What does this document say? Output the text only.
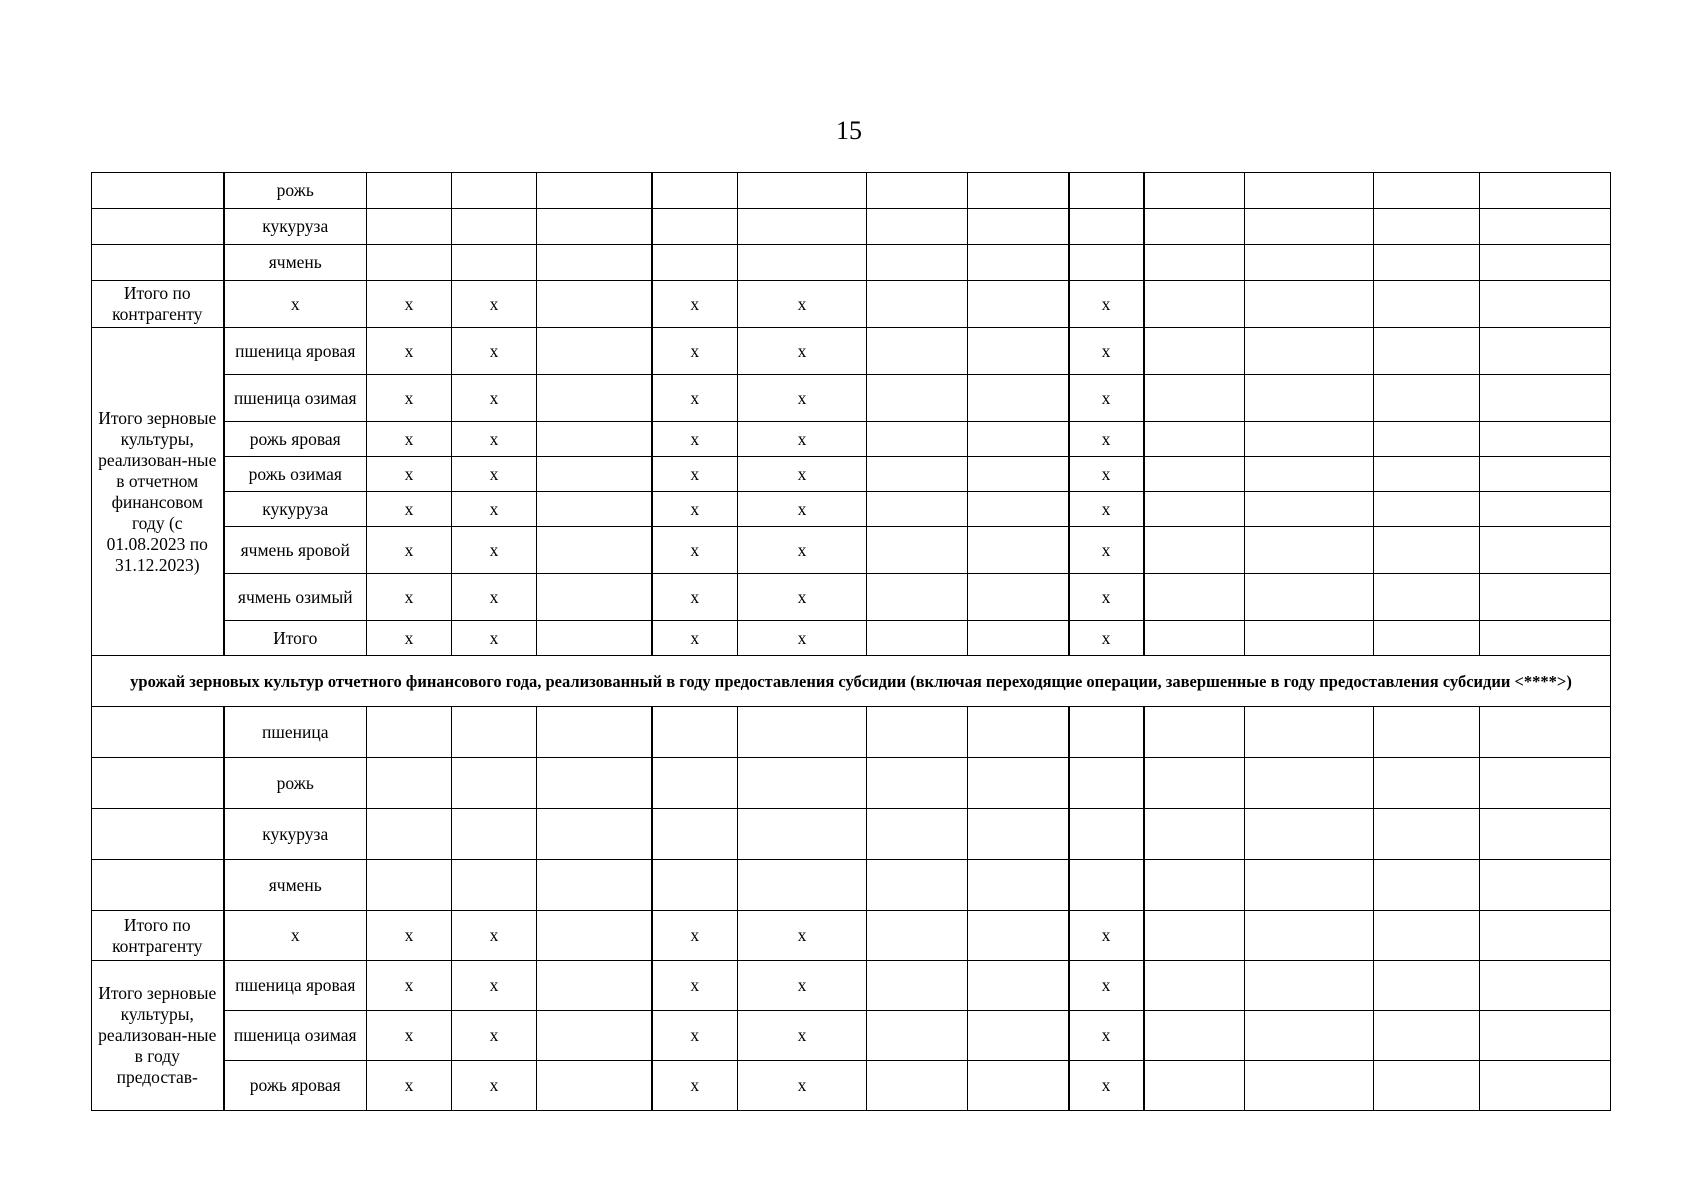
15
	рожь												
	кукуруза												
	ячмень												
Итого по контрагенту	х	х	х		х	х			х				
Итого зерновые культуры, реализован-ные в отчетном финансовом году (с 01.08.2023 по 31.12.2023)	пшеница яровая	х	х		х	х			х				
	пшеница озимая	х	х		х	х			х				
	рожь яровая	х	х		х	х			х				
	рожь озимая	х	х		х	х			х				
	кукуруза	х	х		х	х			х				
	ячмень яровой	х	х		х	х			х				
	ячмень озимый	х	х		х	х			х				
	Итого	х	х		х	х			х				
урожай зерновых культур отчетного финансового года, реализованный в году предоставления субсидии (включая переходящие операции, завершенные в году предоставления субсидии <****>)													
	пшеница												
	рожь												
	кукуруза												
	ячмень												
Итого по контрагенту	х	х	х		х	х			х				
Итого зерновые культуры, реализован-ные в году предостав-	пшеница яровая	х	х		х	х			х				
	пшеница озимая	х	х		х	х			х				
	рожь яровая	х	х		х	х			х				
